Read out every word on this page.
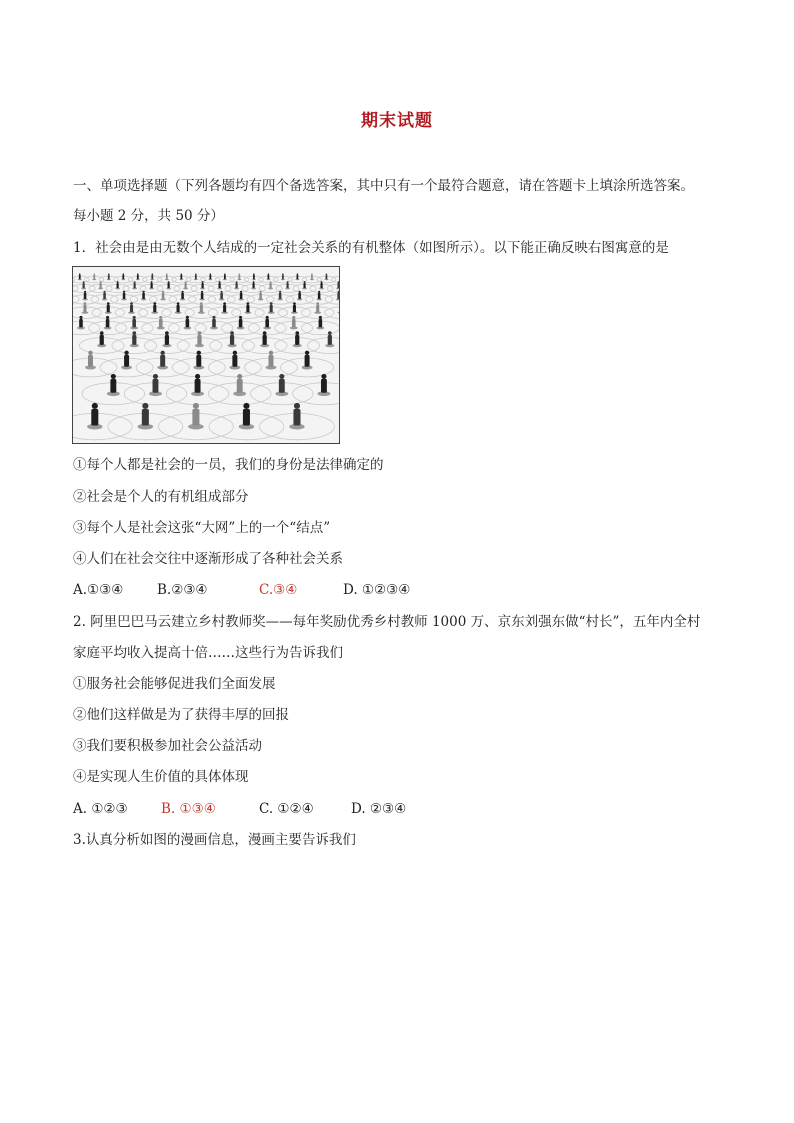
期末试题
一、单项选择题（下列各题均有四个备选答案，其中只有一个最符合题意，请在答题卡上填涂所选答案。
每小题 2 分，共 50 分）
1．社会由是由无数个人结成的一定社会关系的有机整体（如图所示）。以下能正确反映右图寓意的是
①每个人都是社会的一员，我们的身份是法律确定的
②社会是个人的有机组成部分
③每个人是社会这张“大网”上的一个“结点”
④人们在社会交往中逐渐形成了各种社会关系
A.①③④ B.②③④	C.③④	D. ①②③④
2. 阿里巴巴马云建立乡村教师奖——每年奖励优秀乡村教师 1000 万、京东刘强东做“村长”，五年内全村
家庭平均收入提高十倍……这些行为告诉我们
①服务社会能够促进我们全面发展
②他们这样做是为了获得丰厚的回报
③我们要积极参加社会公益活动
④是实现人生价值的具体体现
A. ①②③ B. ①③④	C. ①②④	D. ②③④
3.认真分析如图的漫画信息，漫画主要告诉我们
